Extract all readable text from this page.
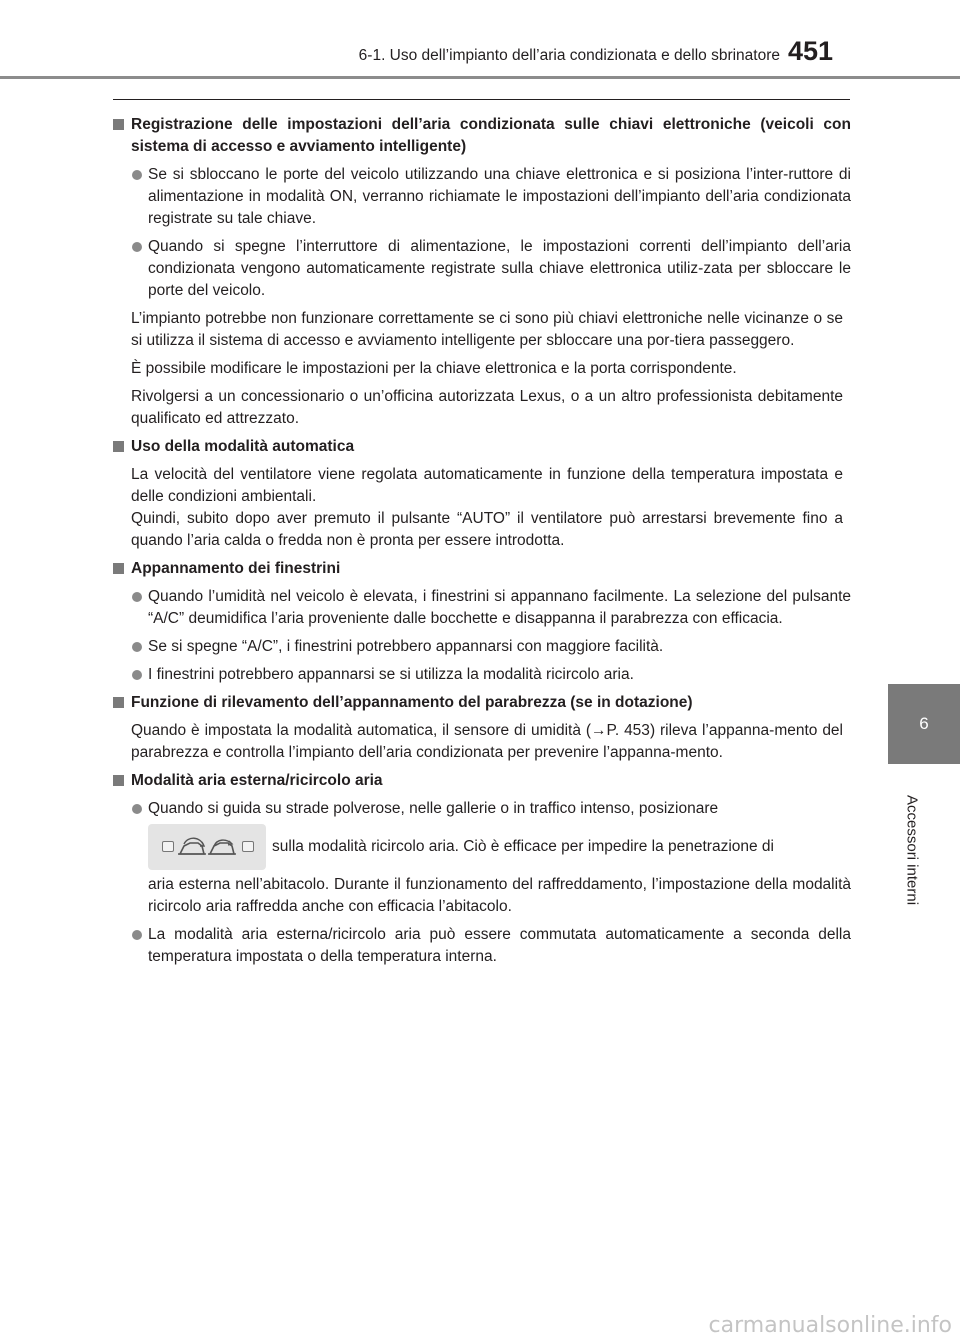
6-1. Uso dell’impianto dell’aria condizionata e dello sbrinatore 451
6
Accessori interni
Registrazione delle impostazioni dell’aria condizionata sulle chiavi elettroniche (veicoli con sistema di accesso e avviamento intelligente)
Se si sbloccano le porte del veicolo utilizzando una chiave elettronica e si posiziona l’inter-ruttore di alimentazione in modalità ON, verranno richiamate le impostazioni dell’impianto dell’aria condizionata registrate su tale chiave.
Quando si spegne l’interruttore di alimentazione, le impostazioni correnti dell’impianto dell’aria condizionata vengono automaticamente registrate sulla chiave elettronica utiliz-zata per sbloccare le porte del veicolo.
L’impianto potrebbe non funzionare correttamente se ci sono più chiavi elettroniche nelle vicinanze o se si utilizza il sistema di accesso e avviamento intelligente per sbloccare una por-tiera passeggero.
È possibile modificare le impostazioni per la chiave elettronica e la porta corrispondente.
Rivolgersi a un concessionario o un’officina autorizzata Lexus, o a un altro professionista debitamente qualificato ed attrezzato.
Uso della modalità automatica
La velocità del ventilatore viene regolata automaticamente in funzione della temperatura impostata e delle condizioni ambientali.
Quindi, subito dopo aver premuto il pulsante “AUTO” il ventilatore può arrestarsi brevemente fino a quando l’aria calda o fredda non è pronta per essere introdotta.
Appannamento dei finestrini
Quando l’umidità nel veicolo è elevata, i finestrini si appannano facilmente. La selezione del pulsante “A/C” deumidifica l’aria proveniente dalle bocchette e disappanna il parabrezza con efficacia.
Se si spegne “A/C”, i finestrini potrebbero appannarsi con maggiore facilità.
I finestrini potrebbero appannarsi se si utilizza la modalità ricircolo aria.
Funzione di rilevamento dell’appannamento del parabrezza (se in dotazione)
Quando è impostata la modalità automatica, il sensore di umidità (→P. 453) rileva l’appanna-mento del parabrezza e controlla l’impianto dell’aria condizionata per prevenire l’appanna-mento.
Modalità aria esterna/ricircolo aria
Quando si guida su strade polverose, nelle gallerie o in traffico intenso, posizionare
sulla modalità ricircolo aria. Ciò è efficace per impedire la penetrazione di
aria esterna nell’abitacolo. Durante il funzionamento del raffreddamento, l’impostazione della modalità ricircolo aria raffredda anche con efficacia l’abitacolo.
La modalità aria esterna/ricircolo aria può essere commutata automaticamente a seconda della temperatura impostata o della temperatura interna.
carmanualsonline.info
